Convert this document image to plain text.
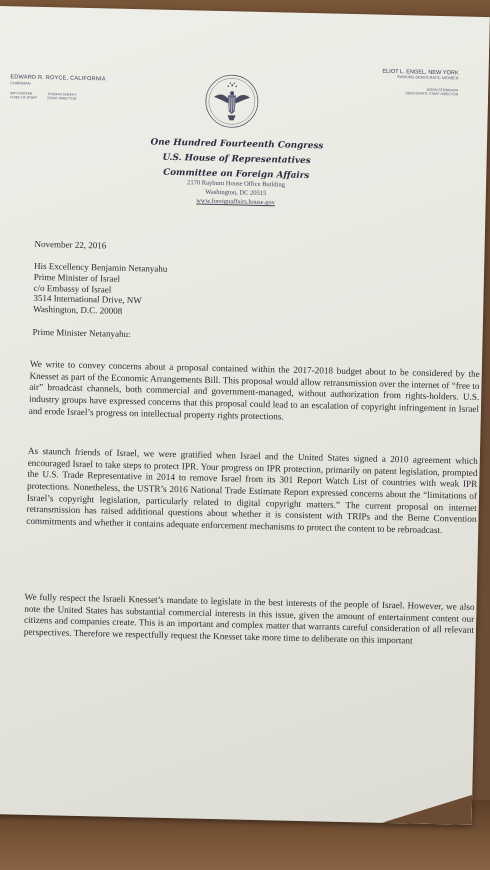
EDWARD R. ROYCE, CALIFORNIA
CHAIRMAN
AMY PORTER
CHIEF OF STAFF
THOMAS SHEEHY
STAFF DIRECTOR
ELIOT L. ENGEL, NEW YORK
RANKING DEMOCRATIC MEMBER
JASON STEINBAUM
DEMOCRATIC STAFF DIRECTOR
One Hundred Fourteenth Congress
U.S. House of Representatives
Committee on Foreign Affairs
2170 Rayburn House Office Building
Washington, DC 20515
www.foreignaffairs.house.gov
November 22, 2016
His Excellency Benjamin Netanyahu
Prime Minister of Israel
c/o Embassy of Israel
3514 International Drive, NW
Washington, D.C. 20008
Prime Minister Netanyahu:

We write to convey concerns about a proposal contained within the 2017-2018 budget about to be considered by the Knesset as part of the Economic Arrangements Bill. This proposal would allow retransmission over the internet of “free to air” broadcast channels, both commercial and government-managed, without authorization from rights-holders. U.S. industry groups have expressed concerns that this proposal could lead to an escalation of copyright infringement in Israel and erode Israel’s progress on intellectual property rights protections.

As staunch friends of Israel, we were gratified when Israel and the United States signed a 2010 agreement which encouraged Israel to take steps to protect IPR. Your progress on IPR protection, primarily on patent legislation, prompted the U.S. Trade Representative in 2014 to remove Israel from its 301 Report Watch List of countries with weak IPR protections. Nonetheless, the USTR’s 2016 National Trade Estimate Report expressed concerns about the “limitations of Israel’s copyright legislation, particularly related to digital copyright matters.” The current proposal on internet retransmission has raised additional questions about whether it is consistent with TRIPs and the Berne Convention commitments and whether it contains adequate enforcement mechanisms to protect the content to be rebroadcast.

We fully respect the Israeli Knesset’s mandate to legislate in the best interests of the people of Israel. However, we also note the United States has substantial commercial interests in this issue, given the amount of entertainment content our citizens and companies create. This is an important and complex matter that warrants careful consideration of all relevant perspectives. Therefore we respectfully request the Knesset take more time to deliberate on this important
